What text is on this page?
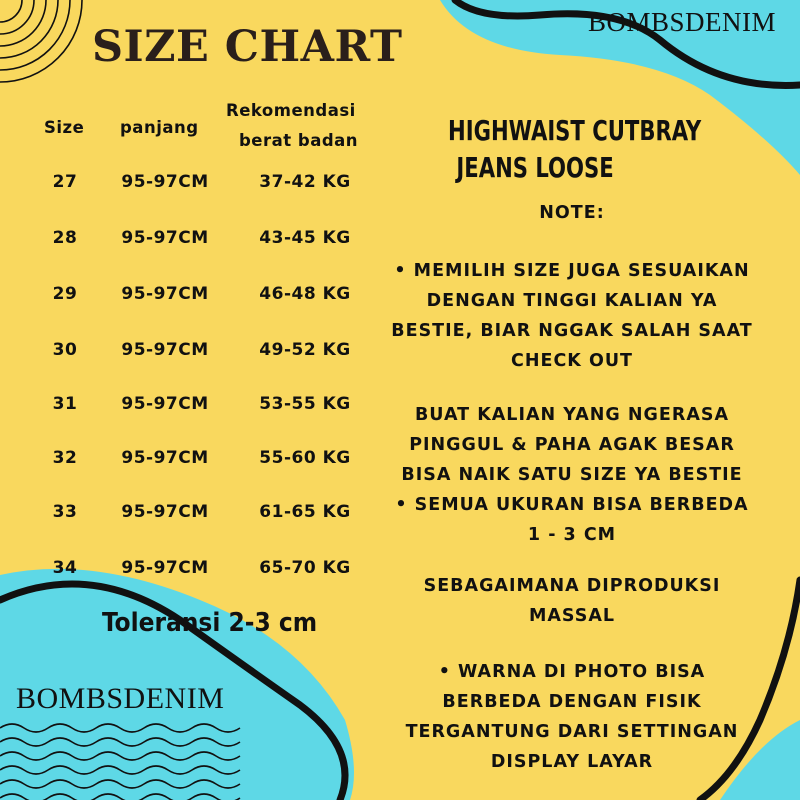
SIZE CHART	BOMBSDENIM
Size panjang
Rekomendasi
berat badan
27	95-97CM	37-42 KG
28	95-97CM	43-45 KG
29	95-97CM	46-48 KG
30	95-97CM	49-52 KG
31	95-97CM	53-55 KG
32	95-97CM	55-60 KG
33	95-97CM	61-65 KG
34	95-97CM	65-70 KG
Toleransi 2-3 cm
BOMBSDENIM
HIGHWAIST CUTBRAY
JEANS LOOSE
NOTE:
• MEMILIH SIZE JUGA SESUAIKAN
DENGAN TINGGI KALIAN YA
BESTIE, BIAR NGGAK SALAH SAAT
CHECK OUT
BUAT KALIAN YANG NGERASA
PINGGUL & PAHA AGAK BESAR
BISA NAIK SATU SIZE YA BESTIE
• SEMUA UKURAN BISA BERBEDA
1 - 3 CM
SEBAGAIMANA DIPRODUKSI
MASSAL
• WARNA DI PHOTO BISA
BERBEDA DENGAN FISIK
TERGANTUNG DARI SETTINGAN
DISPLAY LAYAR
